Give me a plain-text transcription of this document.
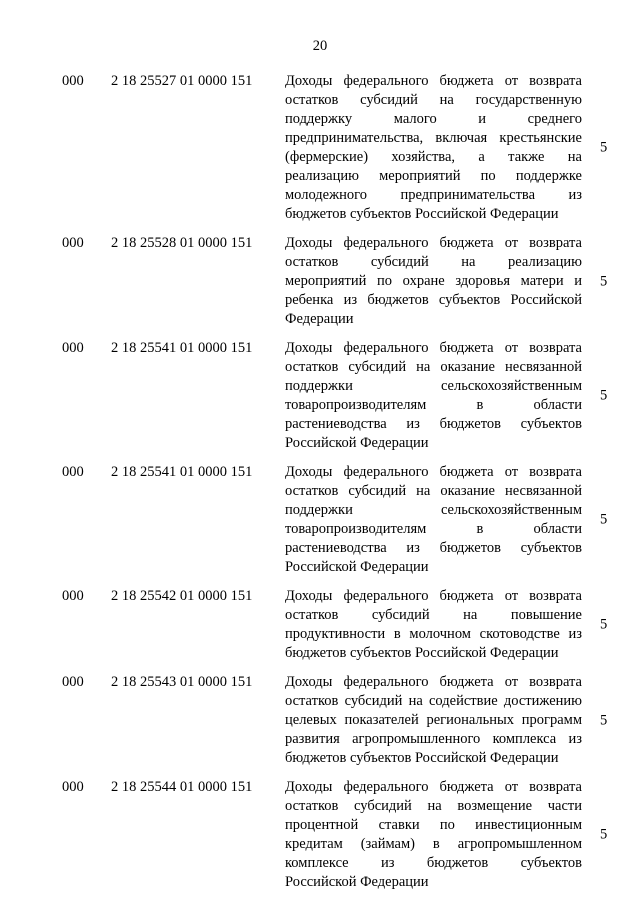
20
000 2 18 25527 01 0000 151 Доходы федерального бюджета от возврата
остатков субсидий на государственную
поддержку малого и среднего
предпринимательства, включая крестьянские
(фермерские) хозяйства, а также на
реализацию мероприятий по поддержке
молодежного предпринимательства из
бюджетов субъектов Российской Федерации
5
000 2 18 25528 01 0000 151 Доходы федерального бюджета от возврата
остатков субсидий на реализацию
мероприятий по охране здоровья матери и
ребенка из бюджетов субъектов Российской
Федерации
5
000 2 18 25541 01 0000 151 Доходы федерального бюджета от возврата
остатков субсидий на оказание несвязанной
поддержки сельскохозяйственным
товаропроизводителям в области
растениеводства из бюджетов субъектов
Российской Федерации
5
000 2 18 25541 01 0000 151 Доходы федерального бюджета от возврата
остатков субсидий на оказание несвязанной
поддержки сельскохозяйственным
товаропроизводителям в области
растениеводства из бюджетов субъектов
Российской Федерации
5
000 2 18 25542 01 0000 151 Доходы федерального бюджета от возврата
остатков субсидий на повышение
продуктивности в молочном скотоводстве из
бюджетов субъектов Российской Федерации
5
000 2 18 25543 01 0000 151 Доходы федерального бюджета от возврата
остатков субсидий на содействие достижению
целевых показателей региональных программ
развития агропромышленного комплекса из
бюджетов субъектов Российской Федерации
5
000 2 18 25544 01 0000 151 Доходы федерального бюджета от возврата
остатков субсидий на возмещение части
процентной ставки по инвестиционным
кредитам (займам) в агропромышленном
комплексе из бюджетов субъектов
Российской Федерации
5
